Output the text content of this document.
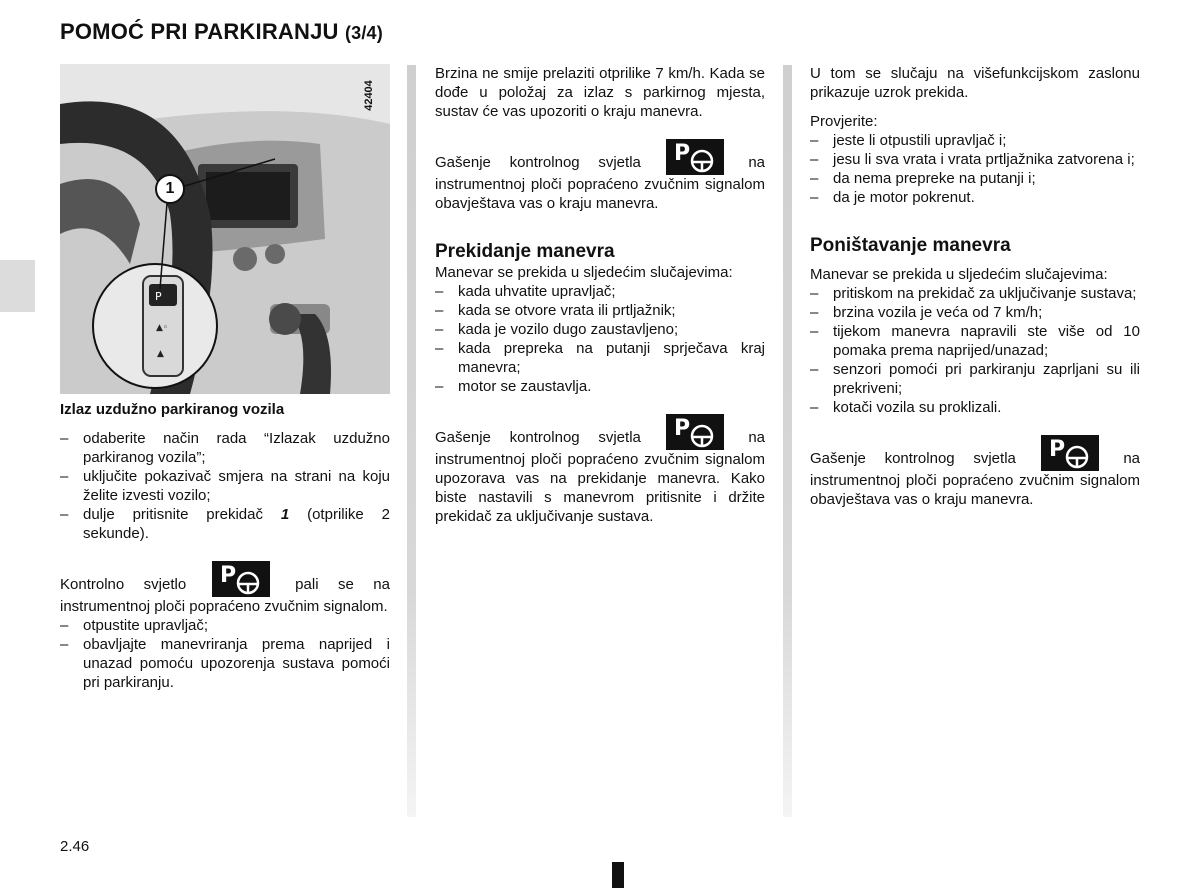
POMOĆ PRI PARKIRANJU (3/4)
P
▲◦
▲
1
42404

Izlaz uzdužno parkiranog vozila

– odaberite način rada “Izlazak uzdužno parkiranog vozila”;
– uključite pokazivač smjera na strani na koju želite izvesti vozilo;
– dulje pritisnite prekidač 1 (otprilike 2 sekunde).

Kontrolno svjetlo P	pali se na instrumentnoj ploči popraćeno zvučnim signalom.

– otpustite upravljač;
– obavljajte manevriranja prema naprijed i unazad pomoću upozorenja sustava pomoći pri parkiranju.

Brzina ne smije prelaziti otprilike 7 km/h. Kada se dođe u položaj za izlaz s parkirnog mjesta, sustav će vas upozoriti o kraju manevra.

Gašenje kontrolnog svjetla P	na instrumentnoj ploči popraćeno zvučnim signalom obavještava vas o kraju manevra.

Prekidanje manevra

Manevar se prekida u sljedećim slučajevima:

– kada uhvatite upravljač;
– kada se otvore vrata ili prtljažnik;
– kada je vozilo dugo zaustavljeno;
– kada prepreka na putanji sprječava kraj manevra;
– motor se zaustavlja.

Gašenje kontrolnog svjetla P	na instrumentnoj ploči popraćeno zvučnim signalom upozorava vas na prekidanje manevra. Kako biste nastavili s manevrom pritisnite i držite prekidač za uključivanje sustava.

U tom se slučaju na višefunkcijskom zaslonu prikazuje uzrok prekida.

Provjerite:

– jeste li otpustili upravljač i;
– jesu li sva vrata i vrata prtljažnika zatvorena i;
– da nema prepreke na putanji i;
– da je motor pokrenut.
Poništavanje manevra

Manevar se prekida u sljedećim slučajevima:

– pritiskom na prekidač za uključivanje sustava;
– brzina vozila je veća od 7 km/h;
– tijekom manevra napravili ste više od 10 pomaka prema naprijed/unazad;
– senzori pomoći pri parkiranju zaprljani su ili prekriveni;
– kotači vozila su proklizali.

Gašenje kontrolnog svjetla P	na instrumentnoj ploči popraćeno zvučnim signalom obavještava vas o kraju manevra.

2.46
